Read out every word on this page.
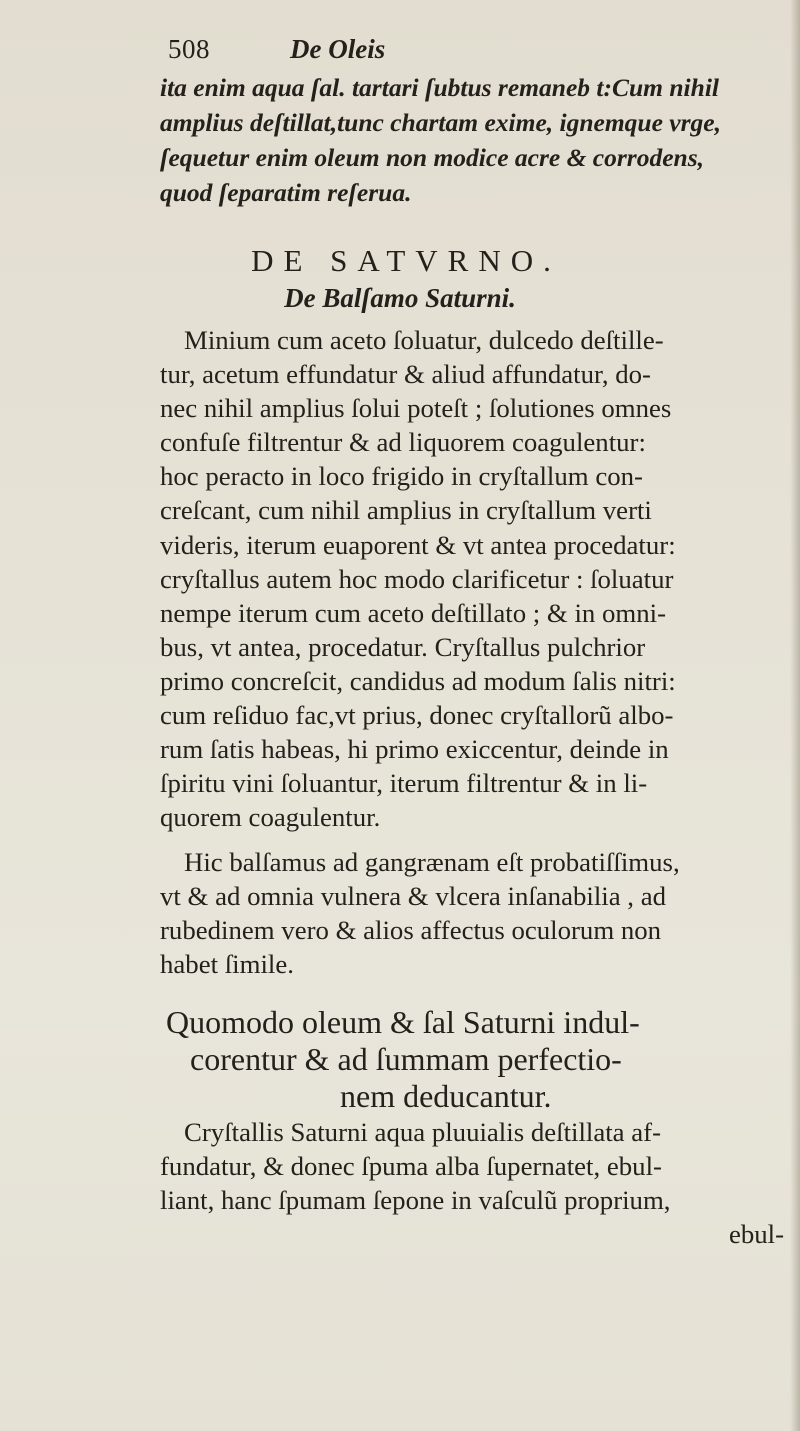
508	De Oleis
ita enim aqua ſal. tartari ſubtus remaneb t:Cum nihil
amplius deſtillat,tunc chartam exime, ignemque vrge,
ſequetur enim oleum non modice acre & corrodens,
quod ſeparatim reſerua.
DE SATVRNO.
De Balſamo Saturni.
Minium cum aceto ſoluatur, dulcedo deſtille-
tur, acetum effundatur & aliud affundatur, do-
nec nihil amplius ſolui poteſt ; ſolutiones omnes
confuſe filtrentur & ad liquorem coagulentur:
hoc peracto in loco frigido in cryſtallum con-
creſcant, cum nihil amplius in cryſtallum verti
videris, iterum euaporent & vt antea procedatur:
cryſtallus autem hoc modo clarificetur : ſoluatur
nempe iterum cum aceto deſtillato ; & in omni-
bus, vt antea, procedatur. Cryſtallus pulchrior
primo concreſcit, candidus ad modum ſalis nitri:
cum reſiduo fac,vt prius, donec cryſtallorũ albo-
rum ſatis habeas, hi primo exiccentur, deinde in
ſpiritu vini ſoluantur, iterum filtrentur & in li-
quorem coagulentur.
Hic balſamus ad gangrænam eſt probatiſſimus,
vt & ad omnia vulnera & vlcera inſanabilia , ad
rubedinem vero & alios affectus oculorum non
habet ſimile.
Quomodo oleum & ſal Saturni indul-
corentur & ad ſummam perfectio-
nem deducantur.
Cryſtallis Saturni aqua pluuialis deſtillata af-
fundatur, & donec ſpuma alba ſupernatet, ebul-
liant, hanc ſpumam ſepone in vaſculũ proprium,
ebul-
